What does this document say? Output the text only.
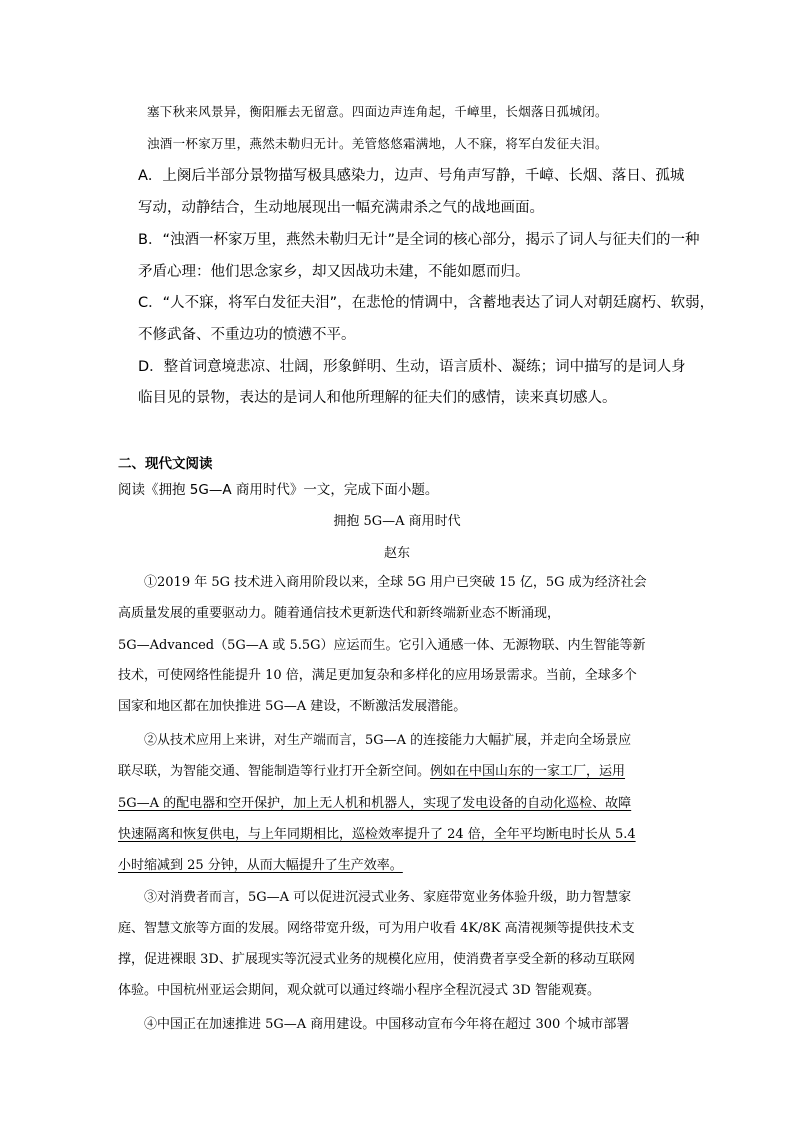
塞下秋来风景异，衡阳雁去无留意。四面边声连角起，千嶂里，长烟落日孤城闭。
浊酒一杯家万里，燕然未勒归无计。羌管悠悠霜满地，人不寐，将军白发征夫泪。
A．上阕后半部分景物描写极具感染力，边声、号角声写静，千嶂、长烟、落日、孤城
写动，动静结合，生动地展现出一幅充满肃杀之气的战地画面。
B．“浊酒一杯家万里，燕然未勒归无计”是全词的核心部分，揭示了词人与征夫们的一种
矛盾心理：他们思念家乡，却又因战功未建，不能如愿而归。
C．“人不寐，将军白发征夫泪”，在悲怆的情调中，含蓄地表达了词人对朝廷腐朽、软弱，
不修武备、不重边功的愤懑不平。
D．整首词意境悲凉、壮阔，形象鲜明、生动，语言质朴、凝练；词中描写的是词人身
临目见的景物，表达的是词人和他所理解的征夫们的感情，读来真切感人。
二、现代文阅读
阅读《拥抱 5G—A 商用时代》一文，完成下面小题。
拥抱 5G—A 商用时代
赵东
①2019 年 5G 技术进入商用阶段以来，全球 5G 用户已突破 15 亿，5G 成为经济社会
高质量发展的重要驱动力。随着通信技术更新迭代和新终端新业态不断涌现，
5G—Advanced（5G—A 或 5.5G）应运而生。它引入通感一体、无源物联、内生智能等新
技术，可使网络性能提升 10 倍，满足更加复杂和多样化的应用场景需求。当前，全球多个
国家和地区都在加快推进 5G—A 建设，不断激活发展潜能。
②从技术应用上来讲，对生产端而言，5G—A 的连接能力大幅扩展，并走向全场景应
联尽联，为智能交通、智能制造等行业打开全新空间。例如在中国山东的一家工厂，运用
5G—A 的配电器和空开保护，加上无人机和机器人，实现了发电设备的自动化巡检、故障
快速隔离和恢复供电，与上年同期相比，巡检效率提升了 24 倍，全年平均断电时长从 5.4
小时缩减到 25 分钟，从而大幅提升了生产效率。
③对消费者而言，5G—A 可以促进沉浸式业务、家庭带宽业务体验升级，助力智慧家
庭、智慧文旅等方面的发展。网络带宽升级，可为用户收看 4K/8K 高清视频等提供技术支
撑，促进裸眼 3D、扩展现实等沉浸式业务的规模化应用，使消费者享受全新的移动互联网
体验。中国杭州亚运会期间，观众就可以通过终端小程序全程沉浸式 3D 智能观赛。
④中国正在加速推进 5G—A 商用建设。中国移动宣布今年将在超过 300 个城市部署
